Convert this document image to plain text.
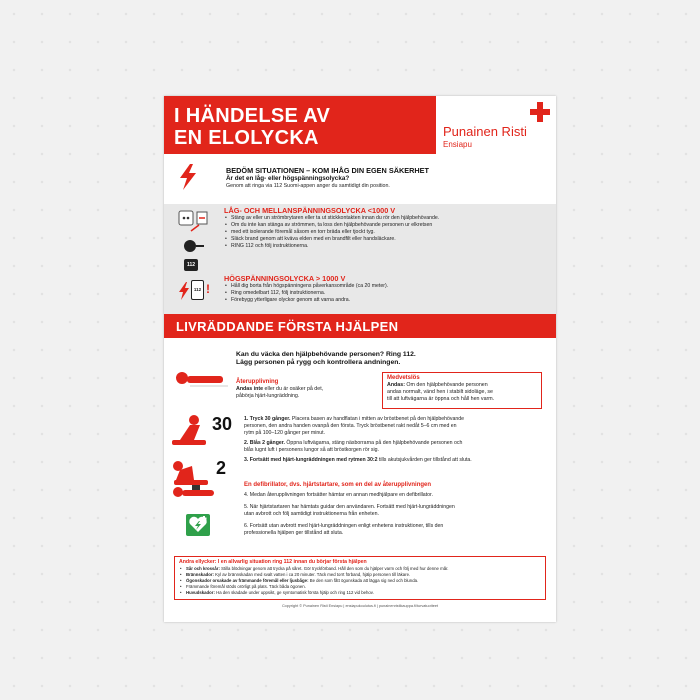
I HÄNDELSE AV
EN ELOLYCKA	Punainen Risti
Ensiapu
BEDÖM SITUATIONEN – KOM IHÅG DIN EGEN SÄKERHET
Är det en låg- eller högspänningsolycka?
Genom att ringa via 112 Suomi-appen anger du samtidigt din position.
112
LÅG- OCH MELLANSPÄNNINGSOLYCKA <1000 V
• Stäng av eller un strömbrytaren eller ta ut stickkontakten innan du rör den hjälpbehövande.
• Om du inte kan stänga av strömmen, ta loss den hjälpbehövande personen ur elkretsen
• med ett isolerande föremål såsom en torr bräda eller tjockt tyg.
• Släck brand genom att kväva elden med en brandfilt eller handsläckare.
• RING 112 och följ instruktionerna.
112 !
HÖGSPÄNNINGSOLYCKA > 1000 V
• Håll dig borta från högspänningens påverkansområde (ca 20 meter).
• Ring omedelbart 112, följ instruktionerna.
• Förebygg ytterligare olyckor genom att varna andra.
LIVRÄDDANDE FÖRSTA HJÄLPEN
Kan du väcka den hjälpbehövande personen? Ring 112.
Lägg personen på rygg och kontrollera andningen.
Återupplivning
Andas inte eller du är osäker på det,
påbörja hjärt-lungräddning.
Medvetslös
Andas: Om den hjälpbehövande personen
andas normalt, vänd hen i stabilt sidoläge, se
till att luftvägarna är öppna och håll hen varm.
30
2
1. Tryck 30 gånger. Placera basen av handflatan i mitten av bröstbenet på den hjälpbehövande
personen, den andra handen ovanpå den första. Tryck bröstbenet rakt nedåt 5–6 cm med en
rytm på 100–120 gånger per minut.
2. Blås 2 gånger. Öppna luftvägarna, stäng näsborrarna på den hjälpbehövande personen och
blås lugnt luft i personens lungor så att bröstkorgen rör sig.
3. Fortsätt med hjärt-lungräddningen med rytmen 30:2 tills akutsjukvården ger tillstånd att sluta.
En defibrillator, dvs. hjärtstartare, som en del av återupplivningen
4. Medan återupplivningen fortsätter hämtar en annan medhjälpare en defibrillator.
5. När hjärtstartaren har hämtats guidar den användaren. Fortsätt med hjärt-lungräddningen
utan avbrott och följ samtidigt instruktionerna från enheten.
6. Fortsätt utan avbrott med hjärt-lungräddningen enligt enhetens instruktioner, tills den
professionella hjälpen ger tillstånd att sluta.
Andra ellycker: I en allvarlig situation ring 112 innan du börjar första hjälpen
• Sår och krossår: Stilla blödningar genom att trycka på såret. Gör tryckförband. Håll den som du hjälper varm och följ med hur denne mår.
• Brännskador: Kyl av brännskadan med svalt vatten i ca 20 minuter. Täck med torrt förband, hjälp personen till läkare.
• Ögonskador orsakade av främmande föremål eller ljusbåge: Be den som fått ögonskada att lägga sig ned och blunda.
• Främmande föremål stöds orörligt på plats. Täck båda ögonen.
• Huvudskador: Ha den skadade under uppsikt, ge symtomatisk första hjälp och ring 112 vid behov.
Copyright © Punainen Risti Ensiapu | ensiapukoulutus.fi | punainenristikauppa.fi/turvatuotteet
